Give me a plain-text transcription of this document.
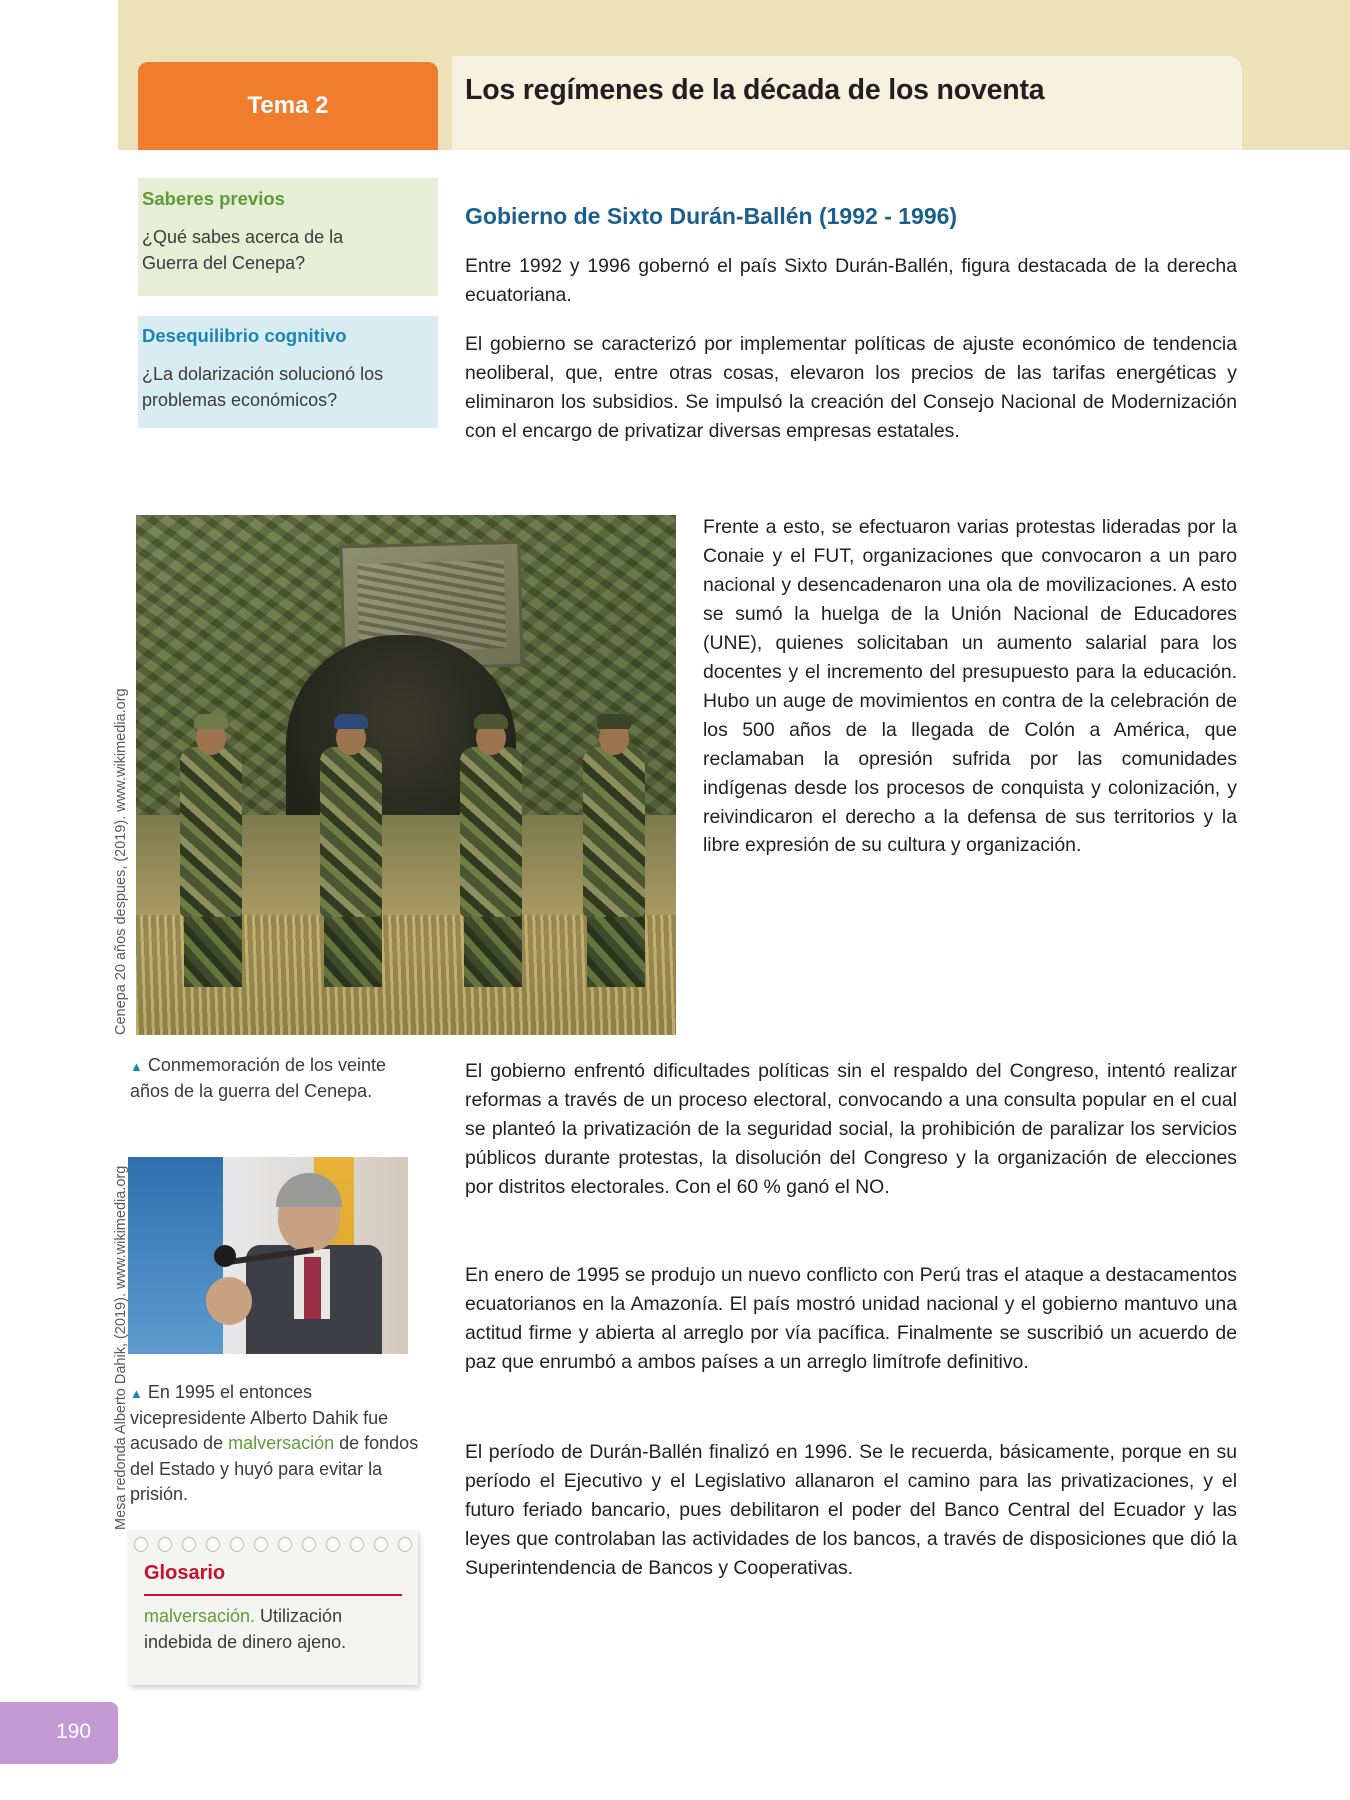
Tema 2	Los regímenes de la década de los noventa
Saberes previos
¿Qué sabes acerca de la Guerra del Cenepa?
Desequilibrio cognitivo
¿La dolarización solucionó los problemas económicos?
Gobierno de Sixto Durán-Ballén (1992 - 1996)
Entre 1992 y 1996 gobernó el país Sixto Durán-Ballén, figura destacada de la derecha ecuatoriana.
El gobierno se caracterizó por implementar políticas de ajuste económico de tendencia neoliberal, que, entre otras cosas, elevaron los precios de las tarifas energéticas y eliminaron los subsidios. Se impulsó la creación del Consejo Nacional de Modernización con el encargo de privatizar diversas empresas estatales.
Frente a esto, se efectuaron varias protestas lideradas por la Conaie y el FUT, organizaciones que convocaron a un paro nacional y desencadenaron una ola de movilizaciones. A esto se sumó la huelga de la Unión Nacional de Educadores (UNE), quienes solicitaban un aumento salarial para los docentes y el incremento del presupuesto para la educación. Hubo un auge de movimientos en contra de la celebración de los 500 años de la llegada de Colón a América, que reclamaban la opresión sufrida por las comunidades indígenas desde los procesos de conquista y colonización, y reivindicaron el derecho a la defensa de sus territorios y la libre expresión de su cultura y organización.
El gobierno enfrentó dificultades políticas sin el respaldo del Congreso, intentó realizar reformas a través de un proceso electoral, convocando a una consulta popular en el cual se planteó la privatización de la seguridad social, la prohibición de paralizar los servicios públicos durante protestas, la disolución del Congreso y la organización de elecciones por distritos electorales. Con el 60 % ganó el NO.
En enero de 1995 se produjo un nuevo conflicto con Perú tras el ataque a destacamentos ecuatorianos en la Amazonía. El país mostró unidad nacional y el gobierno mantuvo una actitud firme y abierta al arreglo por vía pacífica. Finalmente se suscribió un acuerdo de paz que enrumbó a ambos países a un arreglo limítrofe definitivo.
El período de Durán-Ballén finalizó en 1996. Se le recuerda, básicamente, porque en su período el Ejecutivo y el Legislativo allanaron el camino para las privatizaciones, y el futuro feriado bancario, pues debilitaron el poder del Banco Central del Ecuador y las leyes que controlaban las actividades de los bancos, a través de disposiciones que dió la Superintendencia de Bancos y Cooperativas.
Cenepa 20 años despues, (2019). www.wikimedia.org
▲ Conmemoración de los veinte años de la guerra del Cenepa.
Mesa redonda Alberto Dahik, (2019). www.wikimedia.org ▲ En 1995 el entonces vicepresidente Alberto Dahik fue acusado de malversación de fondos del Estado y huyó para evitar la prisión.
Glosario
malversación. Utilización indebida de dinero ajeno.
190
